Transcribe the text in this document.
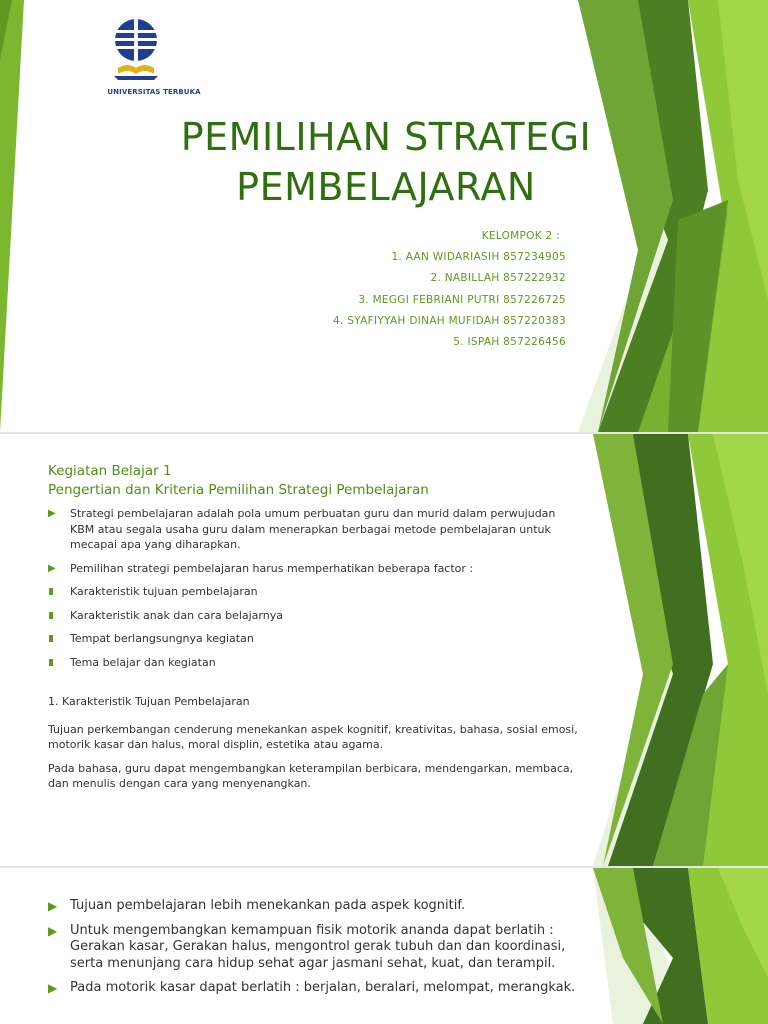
UNIVERSITAS TERBUKA
PEMILIHAN STRATEGI
PEMBELAJARAN
KELOMPOK 2 :
1. AAN WIDARIASIH 857234905
2. NABILLAH 857222932
3. MEGGI FEBRIANI PUTRI 857226725
4. SYAFIYYAH DINAH MUFIDAH 857220383
5. ISPAH 857226456
Kegiatan Belajar 1
Pengertian dan Kriteria Pemilihan Strategi Pembelajaran
▶ Strategi pembelajaran adalah pola umum perbuatan guru dan murid dalam perwujudan KBM atau segala usaha guru dalam menerapkan berbagai metode pembelajaran untuk mecapai apa yang diharapkan.
▶ Pemilihan strategi pembelajaran harus memperhatikan beberapa factor :
Karakteristik tujuan pembelajaran
Karakteristik anak dan cara belajarnya
Tempat berlangsungnya kegiatan
Tema belajar dan kegiatan
1. Karakteristik Tujuan Pembelajaran
Tujuan perkembangan cenderung menekankan aspek kognitif, kreativitas, bahasa, sosial emosi, motorik kasar dan halus, moral displin, estetika atau agama.
Pada bahasa, guru dapat mengembangkan keterampilan berbicara, mendengarkan, membaca, dan menulis dengan cara yang menyenangkan.
▶ Tujuan pembelajaran lebih menekankan pada aspek kognitif.
▶ Untuk mengembangkan kemampuan fisik motorik ananda dapat berlatih : Gerakan kasar, Gerakan halus, mengontrol gerak tubuh dan dan koordinasi, serta menunjang cara hidup sehat agar jasmani sehat, kuat, dan terampil.
▶ Pada motorik kasar dapat berlatih : berjalan, beralari, melompat, merangkak.
